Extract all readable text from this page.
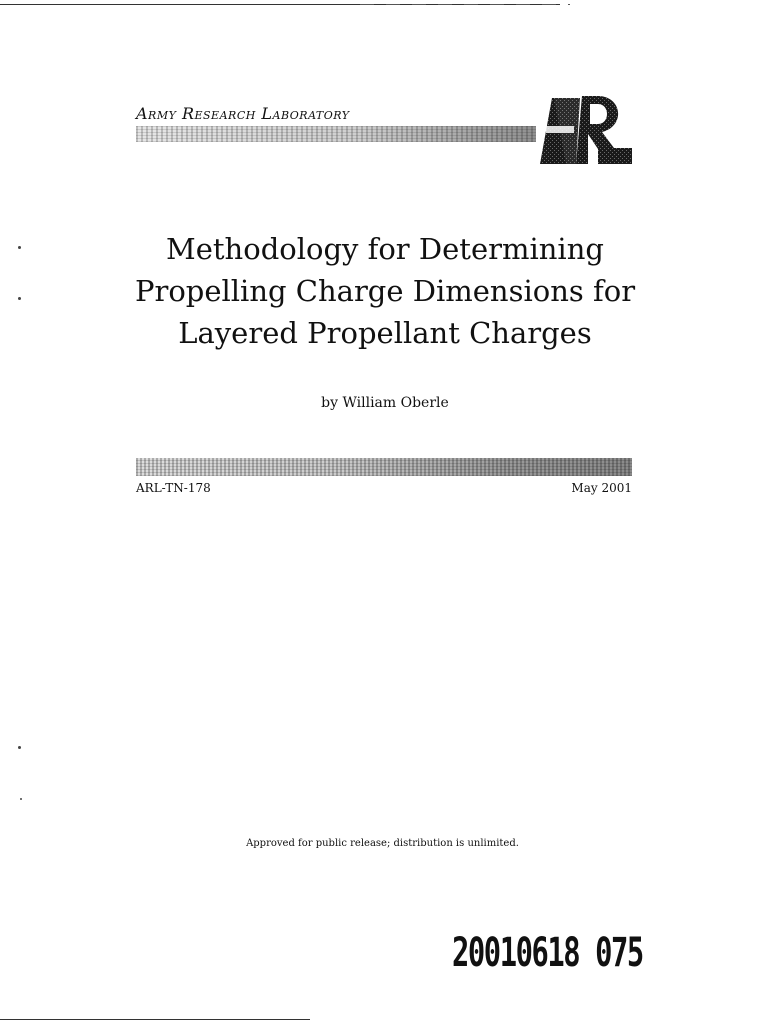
Army Research Laboratory
Methodology for Determining
Propelling Charge Dimensions for
Layered Propellant Charges
by William Oberle
ARL-TN-178	May 2001
Approved for public release; distribution is unlimited.
20010618 075
